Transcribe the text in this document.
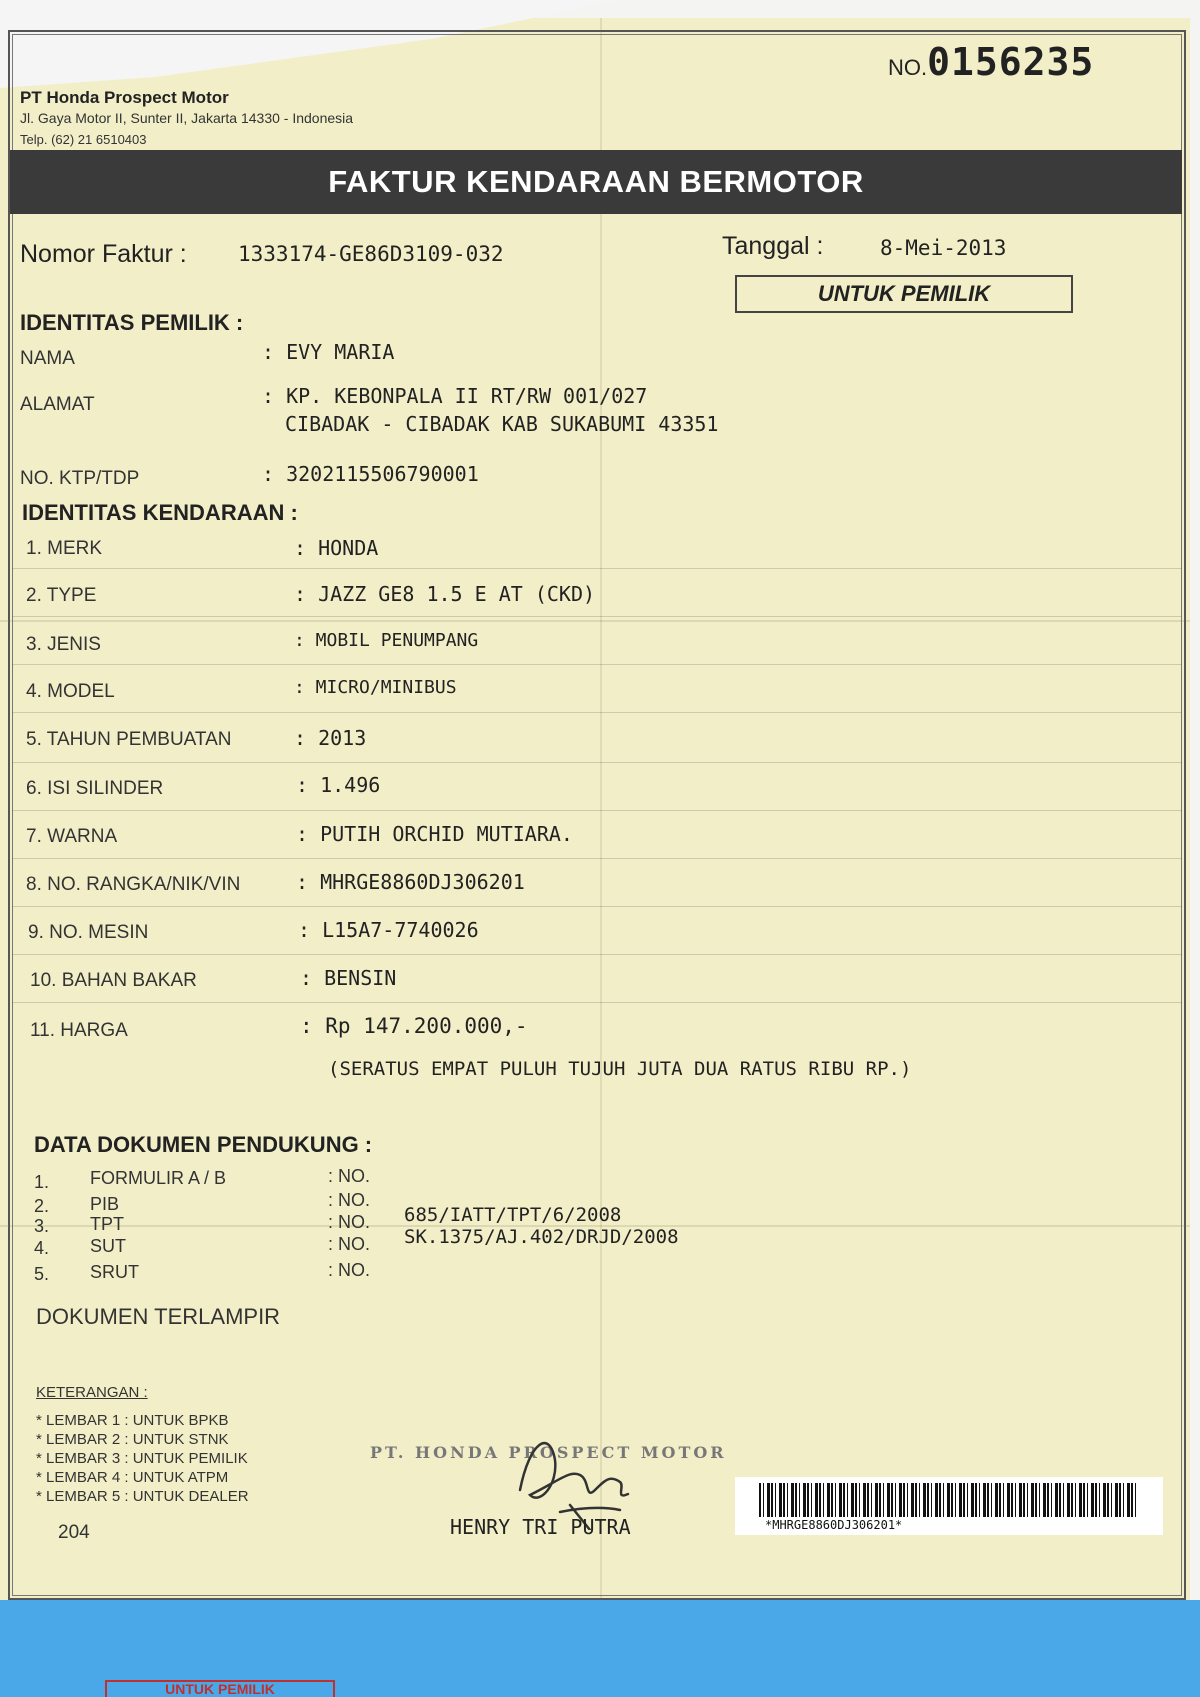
PT Honda Prospect Motor
Jl. Gaya Motor II, Sunter II, Jakarta 14330 - Indonesia
Telp. (62) 21 6510403
NO.0156235
FAKTUR KENDARAAN BERMOTOR
Nomor Faktur : 1333174-GE86D3109-032	Tanggal :	8-Mei-2013
UNTUK PEMILIK
IDENTITAS PEMILIK :
NAMA	: EVY MARIA
ALAMAT	: KP. KEBONPALA II RT/RW 001/027
CIBADAK - CIBADAK KAB SUKABUMI 43351
NO. KTP/TDP	: 3202115506790001
IDENTITAS KENDARAAN :
1. MERK	: HONDA
2. TYPE	: JAZZ GE8 1.5 E AT (CKD)
3. JENIS	: MOBIL PENUMPANG
4. MODEL	: MICRO/MINIBUS
5. TAHUN PEMBUATAN	: 2013
6. ISI SILINDER	: 1.496
7. WARNA	: PUTIH ORCHID MUTIARA.
8. NO. RANGKA/NIK/VIN	: MHRGE8860DJ306201
9. NO. MESIN	: L15A7-7740026
10. BAHAN BAKAR	: BENSIN
11. HARGA	: Rp 147.200.000,-
(SERATUS EMPAT PULUH TUJUH JUTA DUA RATUS RIBU RP.)
DATA DOKUMEN PENDUKUNG :
1. FORMULIR A / B	: NO.
2. PIB	: NO.
3. TPT	: NO. 685/IATT/TPT/6/2008
4. SUT	: NO. SK.1375/AJ.402/DRJD/2008
5. SRUT	: NO.
DOKUMEN TERLAMPIR
KETERANGAN :
* LEMBAR 1 : UNTUK BPKB
* LEMBAR 2 : UNTUK STNK
* LEMBAR 3 : UNTUK PEMILIK
* LEMBAR 4 : UNTUK ATPM
* LEMBAR 5 : UNTUK DEALER
204
PT. HONDA PROSPECT MOTOR
HENRY TRI PUTRA	*MHRGE8860DJ306201*
UNTUK PEMILIK
